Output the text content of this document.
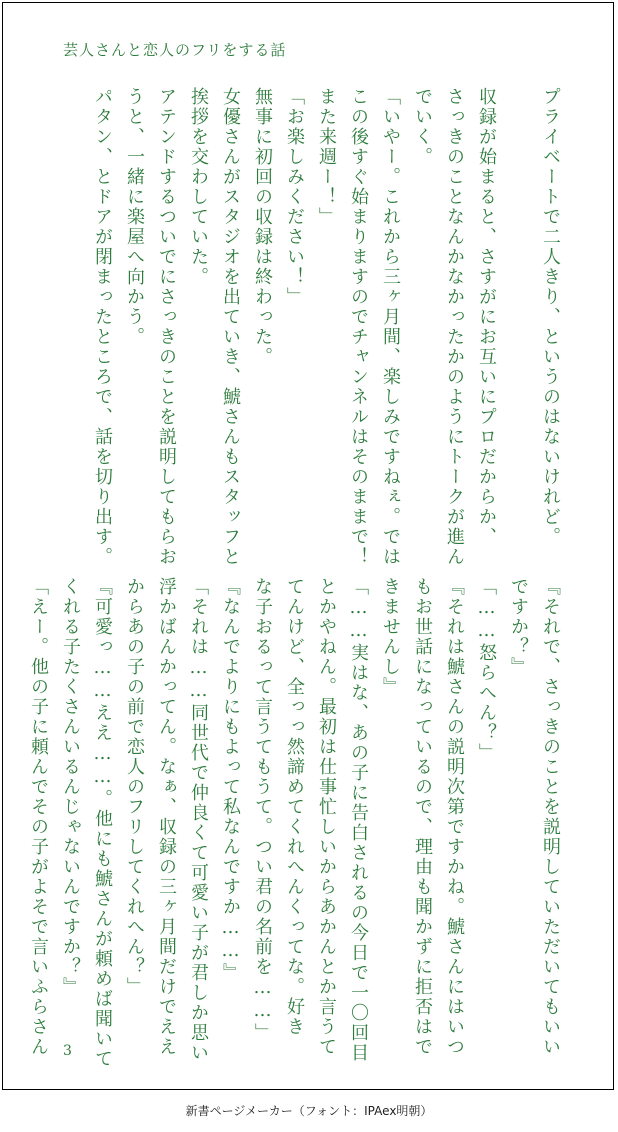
芸人さんと恋人のフリをする話
プライベートで二人きり、というのはないけれど。

収録が始まると、さすがにお互いにプロだからか、
さっきのことなんかなかったかのようにトークが進ん
でいく。
「いやー。これから三ヶ月間、楽しみですねぇ。では
この後すぐ始まりますのでチャンネルはそのままで！
また来週ー！」
「お楽しみください！」
無事に初回の収録は終わった。
女優さんがスタジオを出ていき、鯱さんもスタッフと
挨拶を交わしていた。
アテンドするついでにさっきのことを説明してもらお
うと、一緒に楽屋へ向かう。
パタン、とドアが閉まったところで、話を切り出す。
『それで、さっきのことを説明していただいてもいい
ですか？』
「……怒らへん？」
『それは鯱さんの説明次第ですかね。鯱さんにはいつ
もお世話になっているので、理由も聞かずに拒否はで
きませんし』
「……実はな、あの子に告白されるの今日で一〇回目
とかやねん。最初は仕事忙しいからあかんとか言うて
てんけど、全っっ然諦めてくれへんくってな。好き
な子おるって言うてもうて。つい君の名前を……」
『なんでよりにもよって私なんですか……』
「それは……同世代で仲良くて可愛い子が君しか思い
浮かばんかってん。なぁ、収録の三ヶ月間だけでええ
からあの子の前で恋人のフリしてくれへん？」
『可愛っ……ええ……。他にも鯱さんが頼めば聞いて
くれる子たくさんいるんじゃないんですか？』
「えー。他の子に頼んでその子がよそで言いふらさん	3
新書ページメーカー（フォント：IPAex明朝）
